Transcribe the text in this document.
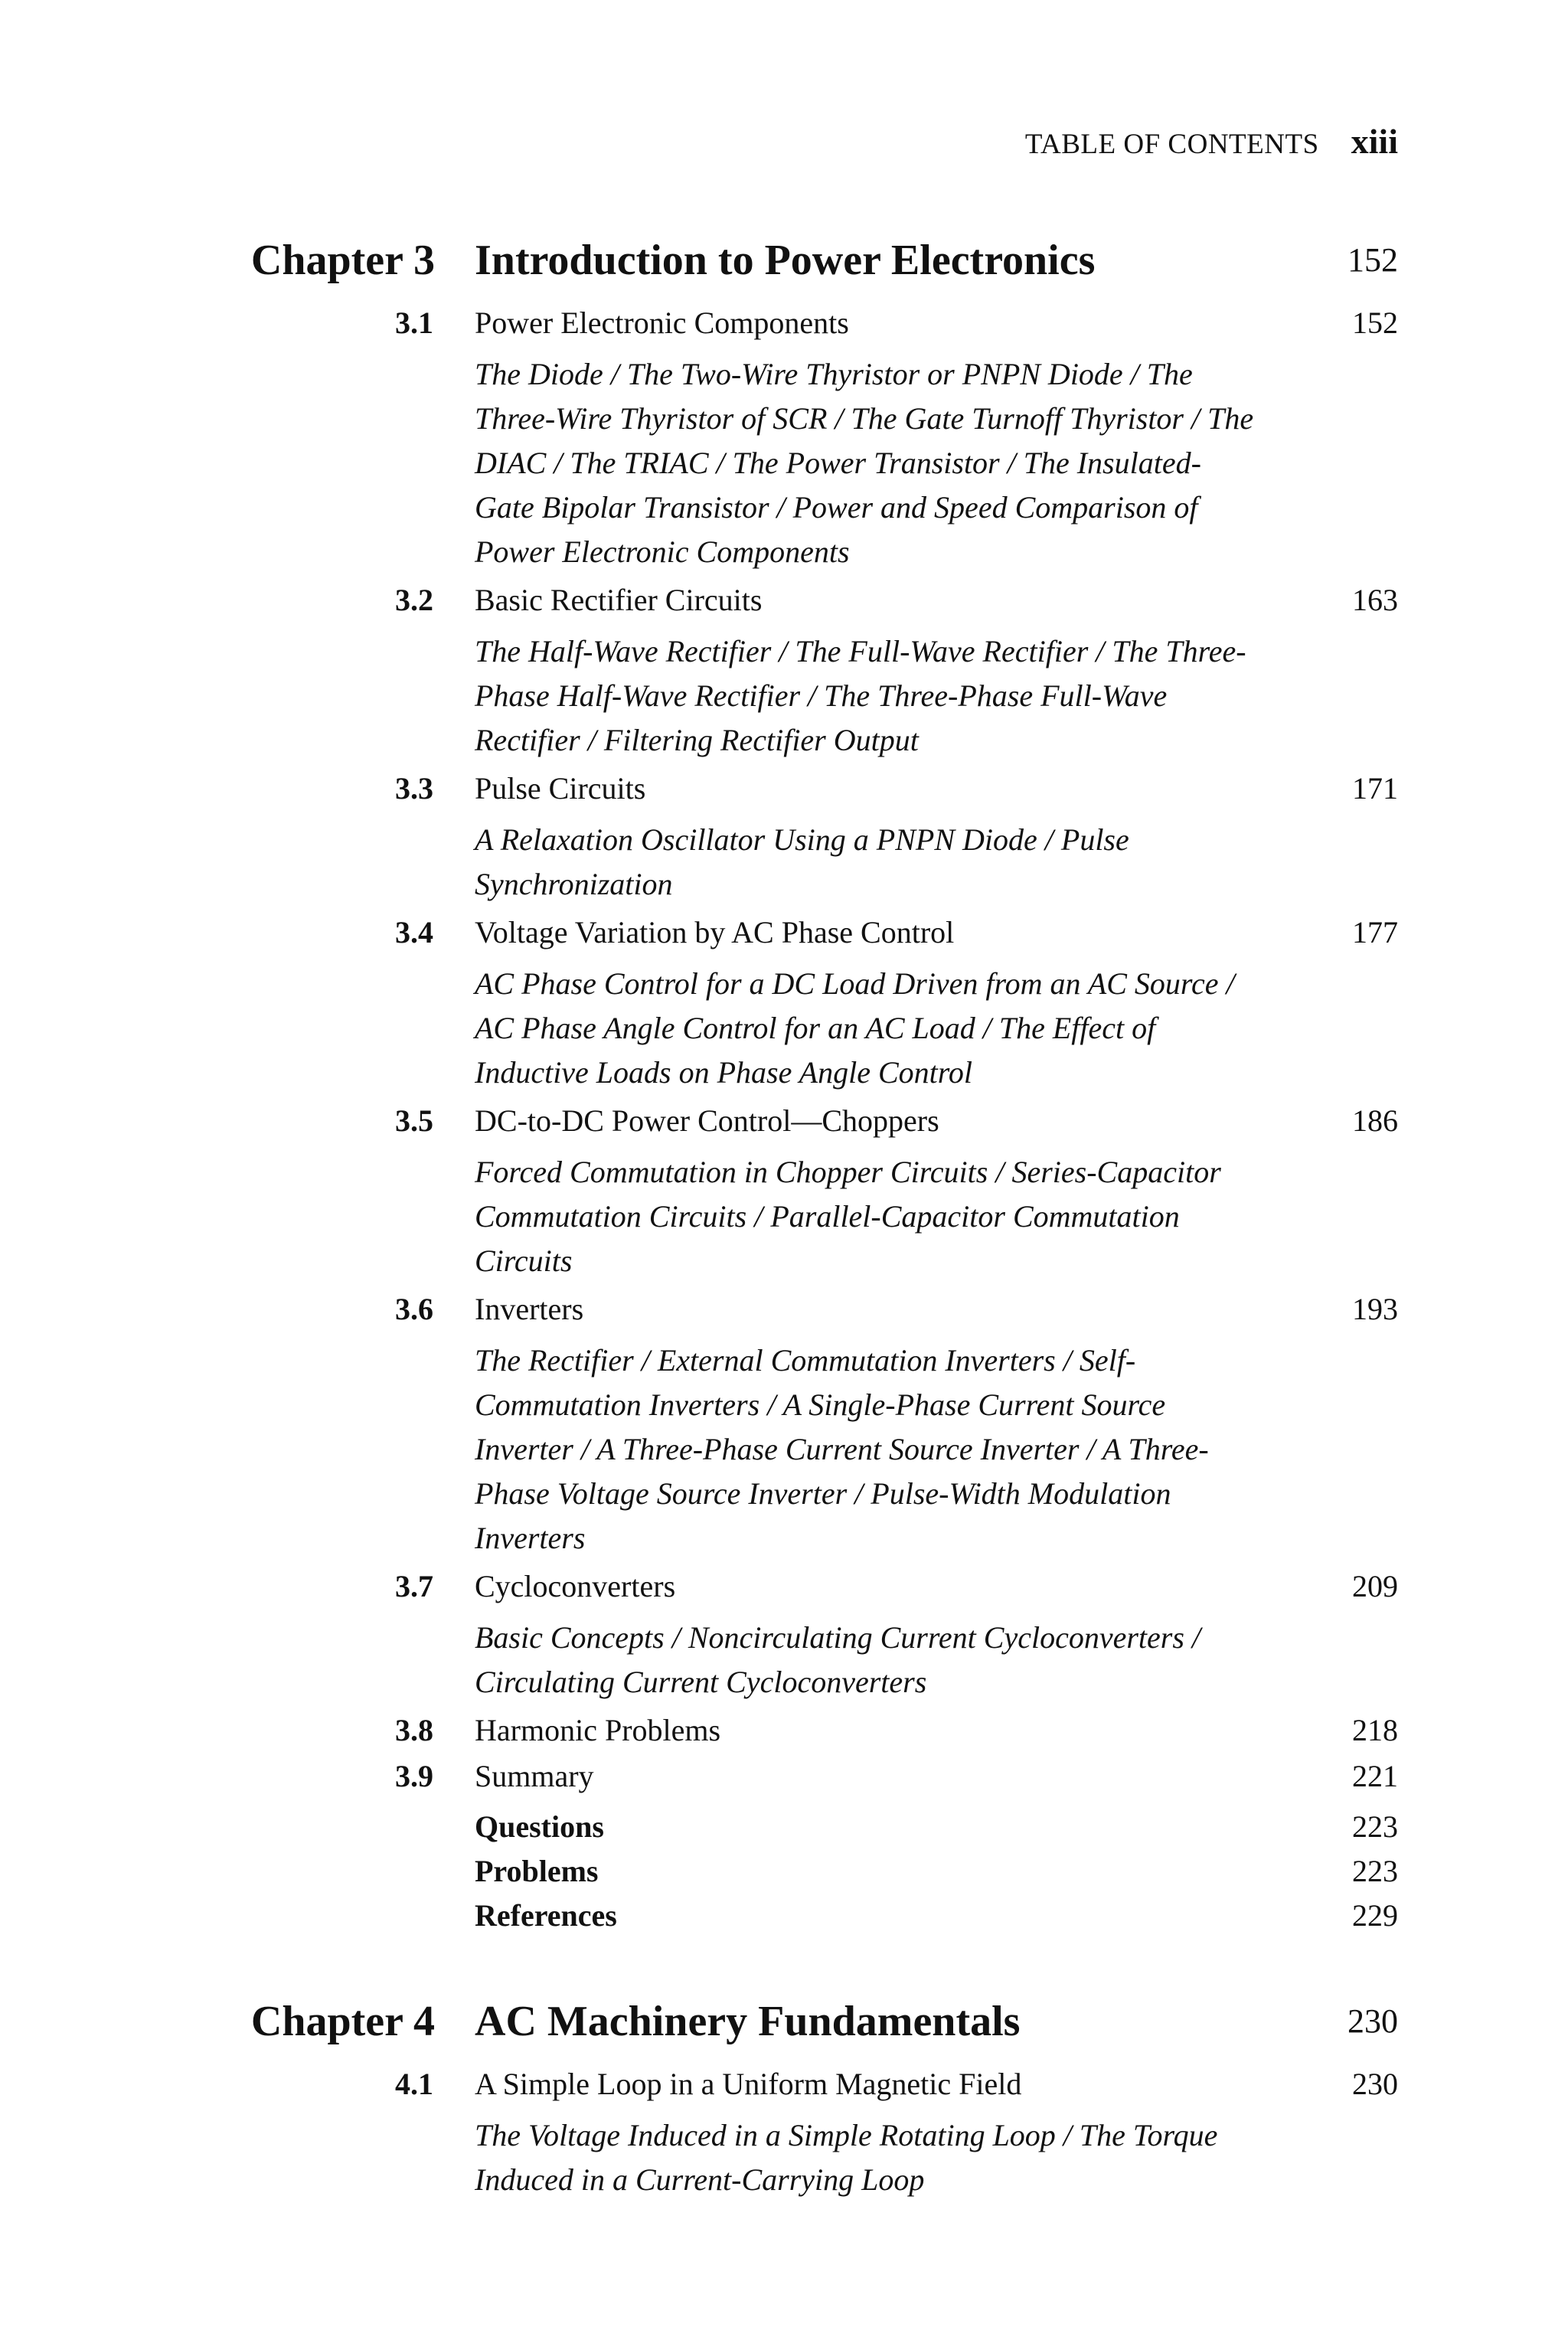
TABLE OF CONTENTS xiii
Chapter 3 Introduction to Power Electronics	152
3.1 Power Electronic Components	152
The Diode / The Two-Wire Thyristor or PNPN Diode / The Three-Wire Thyristor of SCR / The Gate Turnoff Thyristor / The DIAC / The TRIAC / The Power Transistor / The Insulated-Gate Bipolar Transistor / Power and Speed Comparison of Power Electronic Components
3.2 Basic Rectifier Circuits	163
The Half-Wave Rectifier / The Full-Wave Rectifier / The Three-Phase Half-Wave Rectifier / The Three-Phase Full-Wave Rectifier / Filtering Rectifier Output
3.3 Pulse Circuits	171
A Relaxation Oscillator Using a PNPN Diode / Pulse Synchronization
3.4 Voltage Variation by AC Phase Control	177
AC Phase Control for a DC Load Driven from an AC Source / AC Phase Angle Control for an AC Load / The Effect of Inductive Loads on Phase Angle Control
3.5 DC-to-DC Power Control—Choppers	186
Forced Commutation in Chopper Circuits / Series-Capacitor Commutation Circuits / Parallel-Capacitor Commutation Circuits
3.6 Inverters	193
The Rectifier / External Commutation Inverters / Self-Commutation Inverters / A Single-Phase Current Source Inverter / A Three-Phase Current Source Inverter / A Three-Phase Voltage Source Inverter / Pulse-Width Modulation Inverters
3.7 Cycloconverters	209
Basic Concepts / Noncirculating Current Cycloconverters / Circulating Current Cycloconverters
3.8 Harmonic Problems	218
3.9 Summary	221
Questions	223
Problems	223
References	229
Chapter 4 AC Machinery Fundamentals	230
4.1 A Simple Loop in a Uniform Magnetic Field	230
The Voltage Induced in a Simple Rotating Loop / The Torque Induced in a Current-Carrying Loop
